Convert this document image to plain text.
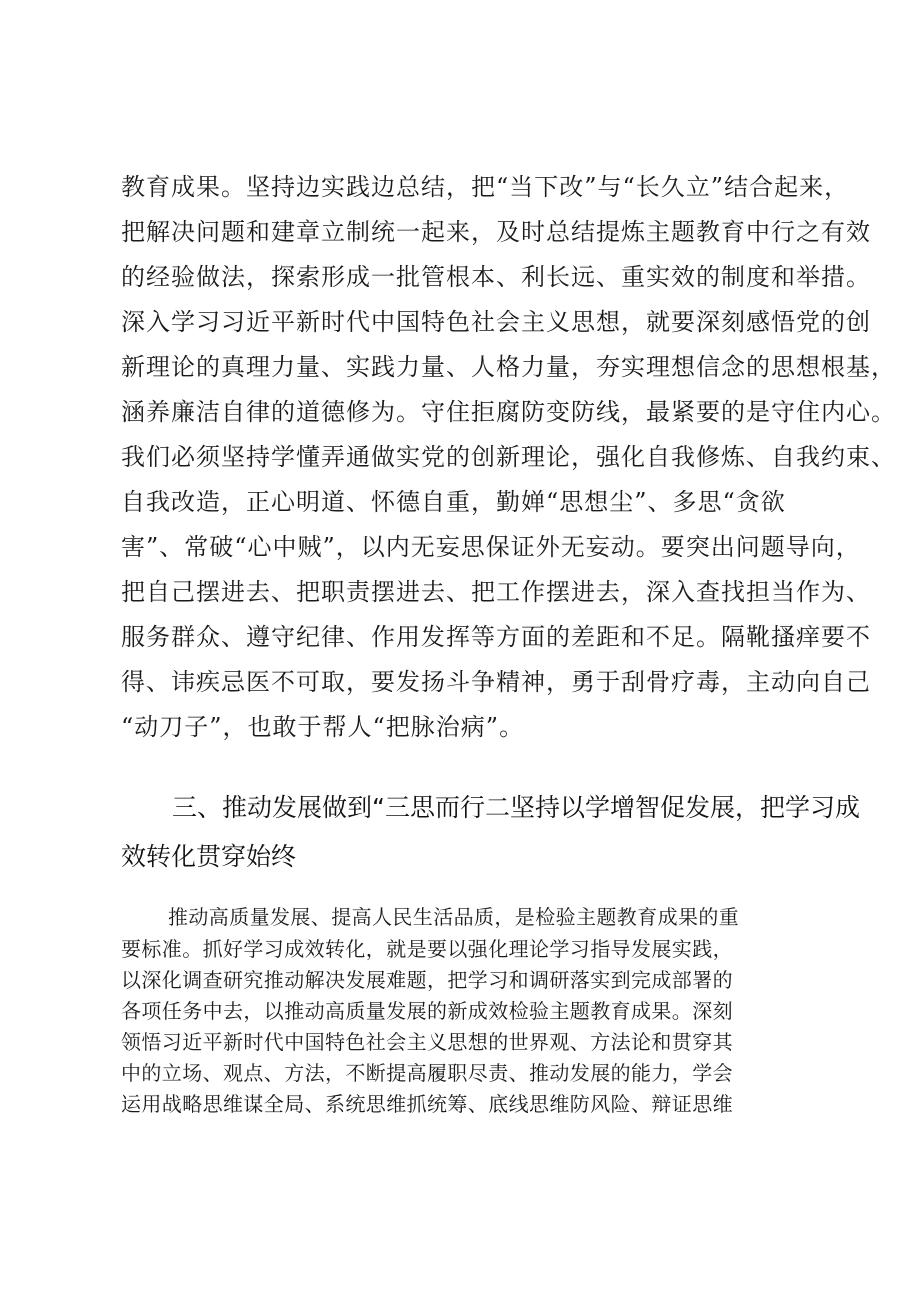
教育成果。坚持边实践边总结，把“当下改”与“长久立”结合起来，
把解决问题和建章立制统一起来，及时总结提炼主题教育中行之有效
的经验做法，探索形成一批管根本、利长远、重实效的制度和举措。
深入学习习近平新时代中国特色社会主义思想，就要深刻感悟党的创
新理论的真理力量、实践力量、人格力量，夯实理想信念的思想根基，
涵养廉洁自律的道德修为。守住拒腐防变防线，最紧要的是守住内心。
我们必须坚持学懂弄通做实党的创新理论，强化自我修炼、自我约束、
自我改造，正心明道、怀德自重，勤婵“思想尘”、多思“贪欲
害”、常破“心中贼”，以内无妄思保证外无妄动。要突出问题导向，
把自己摆进去、把职责摆进去、把工作摆进去，深入查找担当作为、
服务群众、遵守纪律、作用发挥等方面的差距和不足。隔靴搔痒要不
得、讳疾忌医不可取，要发扬斗争精神，勇于刮骨疗毒，主动向自己
“动刀子”，也敢于帮人“把脉治病”。
三、推动发展做到“三思而行二坚持以学增智促发展，把学习成
效转化贯穿始终
推动高质量发展、提高人民生活品质，是检验主题教育成果的重
要标准。抓好学习成效转化，就是要以强化理论学习指导发展实践，
以深化调查研究推动解决发展难题，把学习和调研落实到完成部署的
各项任务中去，以推动高质量发展的新成效检验主题教育成果。深刻
领悟习近平新时代中国特色社会主义思想的世界观、方法论和贯穿其
中的立场、观点、方法，不断提高履职尽责、推动发展的能力，学会
运用战略思维谋全局、系统思维抓统筹、底线思维防风险、辩证思维
